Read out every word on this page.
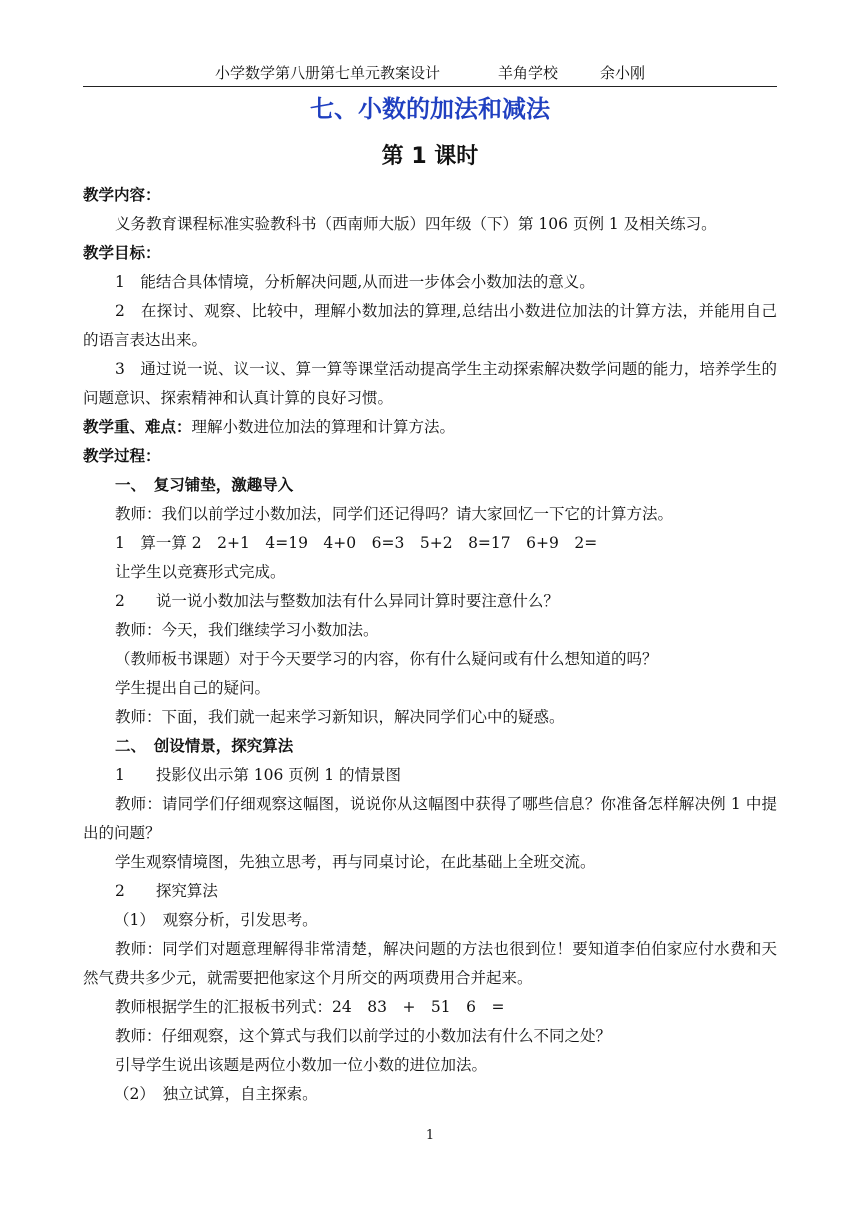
小学数学第八册第七单元教案设计	羊角学校	余小刚
七、小数的加法和减法
第 1 课时

教学内容：

义务教育课程标准实验教科书（西南师大版）四年级（下）第 106 页例 1 及相关练习。

教学目标：

1　能结合具体情境，分析解决问题,从而进一步体会小数加法的意义。

2　在探讨、观察、比较中，理解小数加法的算理,总结出小数进位加法的计算方法，并能用自己的语言表达出来。

3　通过说一说、议一议、算一算等课堂活动提高学生主动探索解决数学问题的能力，培养学生的问题意识、探索精神和认真计算的良好习惯。

教学重、难点：理解小数进位加法的算理和计算方法。

教学过程：

一、　复习铺垫，激趣导入

教师：我们以前学过小数加法，同学们还记得吗？请大家回忆一下它的计算方法。

1　算一算 2　2+1　4=19　4+0　6=3　5+2　8=17　6+9　2=

让学生以竞赛形式完成。

2　　说一说小数加法与整数加法有什么异同计算时要注意什么？

教师：今天，我们继续学习小数加法。

（教师板书课题）对于今天要学习的内容，你有什么疑问或有什么想知道的吗？

学生提出自己的疑问。

教师：下面，我们就一起来学习新知识，解决同学们心中的疑惑。

二、　创设情景，探究算法

1　　投影仪出示第 106 页例 1 的情景图

教师：请同学们仔细观察这幅图，说说你从这幅图中获得了哪些信息？你准备怎样解决例 1 中提出的问题？

学生观察情境图，先独立思考，再与同桌讨论，在此基础上全班交流。

2　　探究算法

（1）　观察分析，引发思考。

教师：同学们对题意理解得非常清楚，解决问题的方法也很到位！要知道李伯伯家应付水费和天然气费共多少元，就需要把他家这个月所交的两项费用合并起来。

教师根据学生的汇报板书列式：24　83　+　51　6　=

教师：仔细观察，这个算式与我们以前学过的小数加法有什么不同之处？

引导学生说出该题是两位小数加一位小数的进位加法。

（2）　独立试算，自主探索。

1
